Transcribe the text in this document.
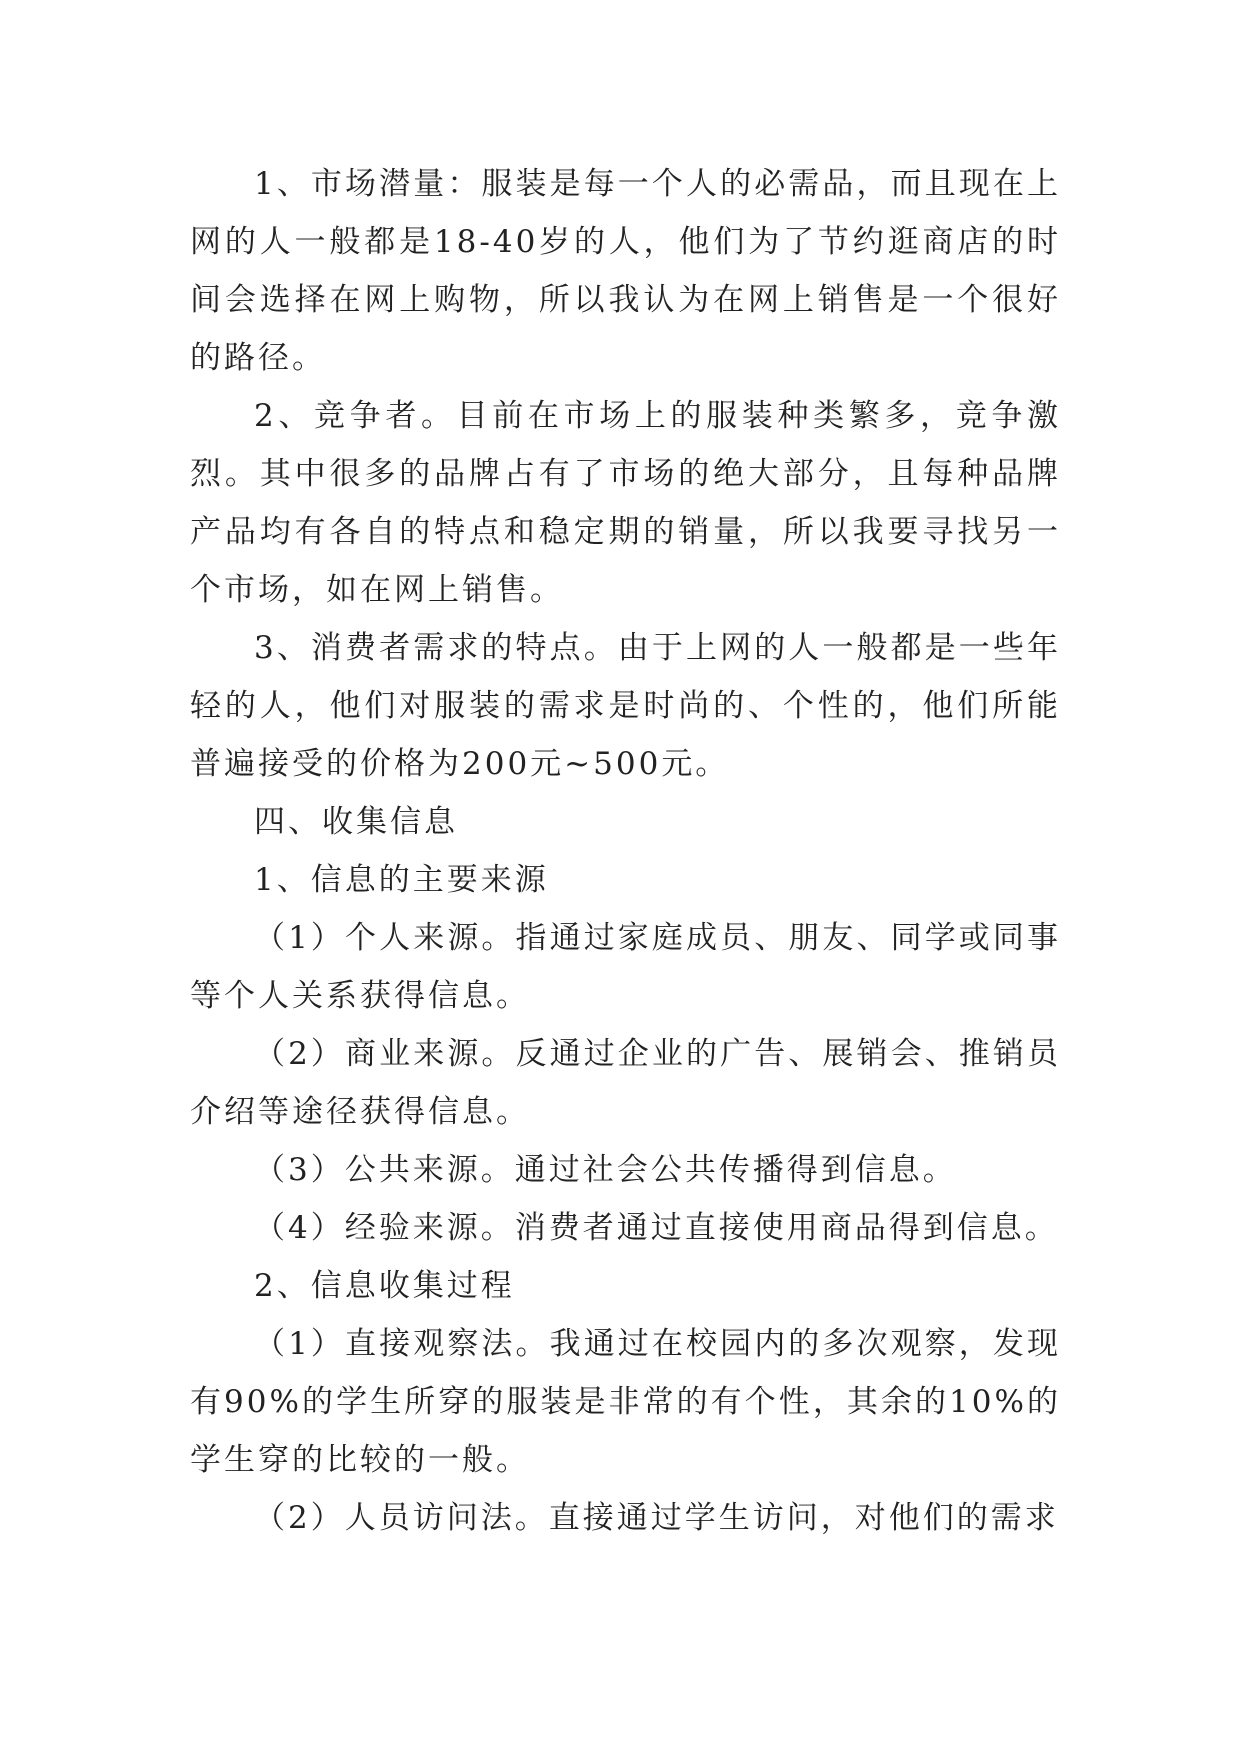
1、市场潜量：服装是每一个人的必需品，而且现在上网的人一般都是18-40岁的人，他们为了节约逛商店的时间会选择在网上购物，所以我认为在网上销售是一个很好的路径。

2、竞争者。目前在市场上的服装种类繁多，竞争激烈。其中很多的品牌占有了市场的绝大部分，且每种品牌产品均有各自的特点和稳定期的销量，所以我要寻找另一个市场，如在网上销售。

3、消费者需求的特点。由于上网的人一般都是一些年轻的人，他们对服装的需求是时尚的、个性的，他们所能普遍接受的价格为200元~500元。

四、收集信息

1、信息的主要来源

（1）个人来源。指通过家庭成员、朋友、同学或同事等个人关系获得信息。

（2）商业来源。反通过企业的广告、展销会、推销员介绍等途径获得信息。

（3）公共来源。通过社会公共传播得到信息。

（4）经验来源。消费者通过直接使用商品得到信息。

2、信息收集过程

（1）直接观察法。我通过在校园内的多次观察，发现有90%的学生所穿的服装是非常的有个性，其余的10%的学生穿的比较的一般。

（2）人员访问法。直接通过学生访问，对他们的需求
